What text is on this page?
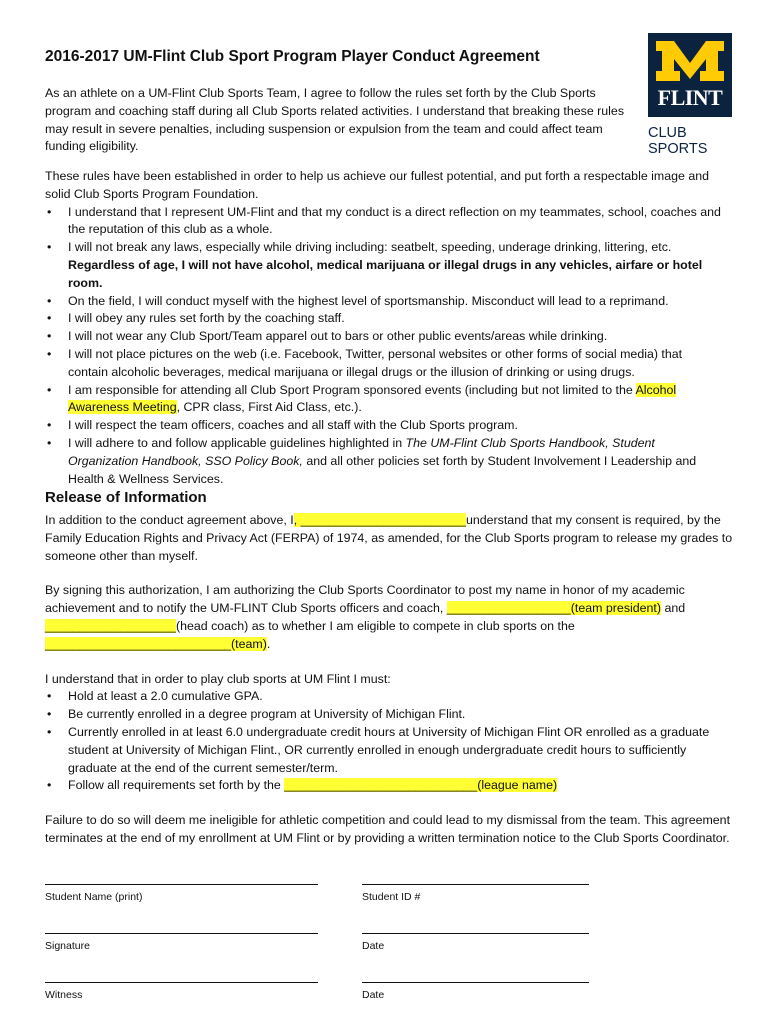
2016-2017 UM-Flint Club Sport Program Player Conduct Agreement
FLINT
CLUB SPORTS

As an athlete on a UM-Flint Club Sports Team, I agree to follow the rules set forth by the Club Sports program and coaching staff during all Club Sports related activities. I understand that breaking these rules may result in severe penalties, including suspension or expulsion from the team and could affect team funding eligibility.

These rules have been established in order to help us achieve our fullest potential, and put forth a respectable image and solid Club Sports Program Foundation.

• I understand that I represent UM-Flint and that my conduct is a direct reflection on my teammates, school, coaches and the reputation of this club as a whole.
• I will not break any laws, especially while driving including: seatbelt, speeding, underage drinking, littering, etc.
Regardless of age, I will not have alcohol, medical marijuana or illegal drugs in any vehicles, airfare or hotel room.
• On the field, I will conduct myself with the highest level of sportsmanship. Misconduct will lead to a reprimand.
• I will obey any rules set forth by the coaching staff.
• I will not wear any Club Sport/Team apparel out to bars or other public events/areas while drinking.
• I will not place pictures on the web (i.e. Facebook, Twitter, personal websites or other forms of social media) that contain alcoholic beverages, medical marijuana or illegal drugs or the illusion of drinking or using drugs.
• I am responsible for attending all Club Sport Program sponsored events (including but not limited to the Alcohol Awareness Meeting, CPR class, First Aid Class, etc.).
• I will respect the team officers, coaches and all staff with the Club Sports program.
• I will adhere to and follow applicable guidelines highlighted in The UM-Flint Club Sports Handbook, Student Organization Handbook, SSO Policy Book, and all other policies set forth by Student Involvement I Leadership and Health & Wellness Services.
Release of Information

In addition to the conduct agreement above, I, ________________________understand that my consent is required, by the Family Education Rights and Privacy Act (FERPA) of 1974, as amended, for the Club Sports program to release my grades to someone other than myself.

By signing this authorization, I am authorizing the Club Sports Coordinator to post my name in honor of my academic achievement and to notify the UM-FLINT Club Sports officers and coach, __________________(team president) and ___________________(head coach) as to whether I am eligible to compete in club sports on the ___________________________(team).

I understand that in order to play club sports at UM Flint I must:

• Hold at least a 2.0 cumulative GPA.
• Be currently enrolled in a degree program at University of Michigan Flint.
• Currently enrolled in at least 6.0 undergraduate credit hours at University of Michigan Flint OR enrolled as a graduate student at University of Michigan Flint., OR currently enrolled in enough undergraduate credit hours to sufficiently graduate at the end of the current semester/term.
• Follow all requirements set forth by the ____________________________(league name)

Failure to do so will deem me ineligible for athletic competition and could lead to my dismissal from the team. This agreement terminates at the end of my enrollment at UM Flint or by providing a written termination notice to the Club Sports Coordinator.

Student Name (print)	Student ID #
Signature	Date
Witness	Date
